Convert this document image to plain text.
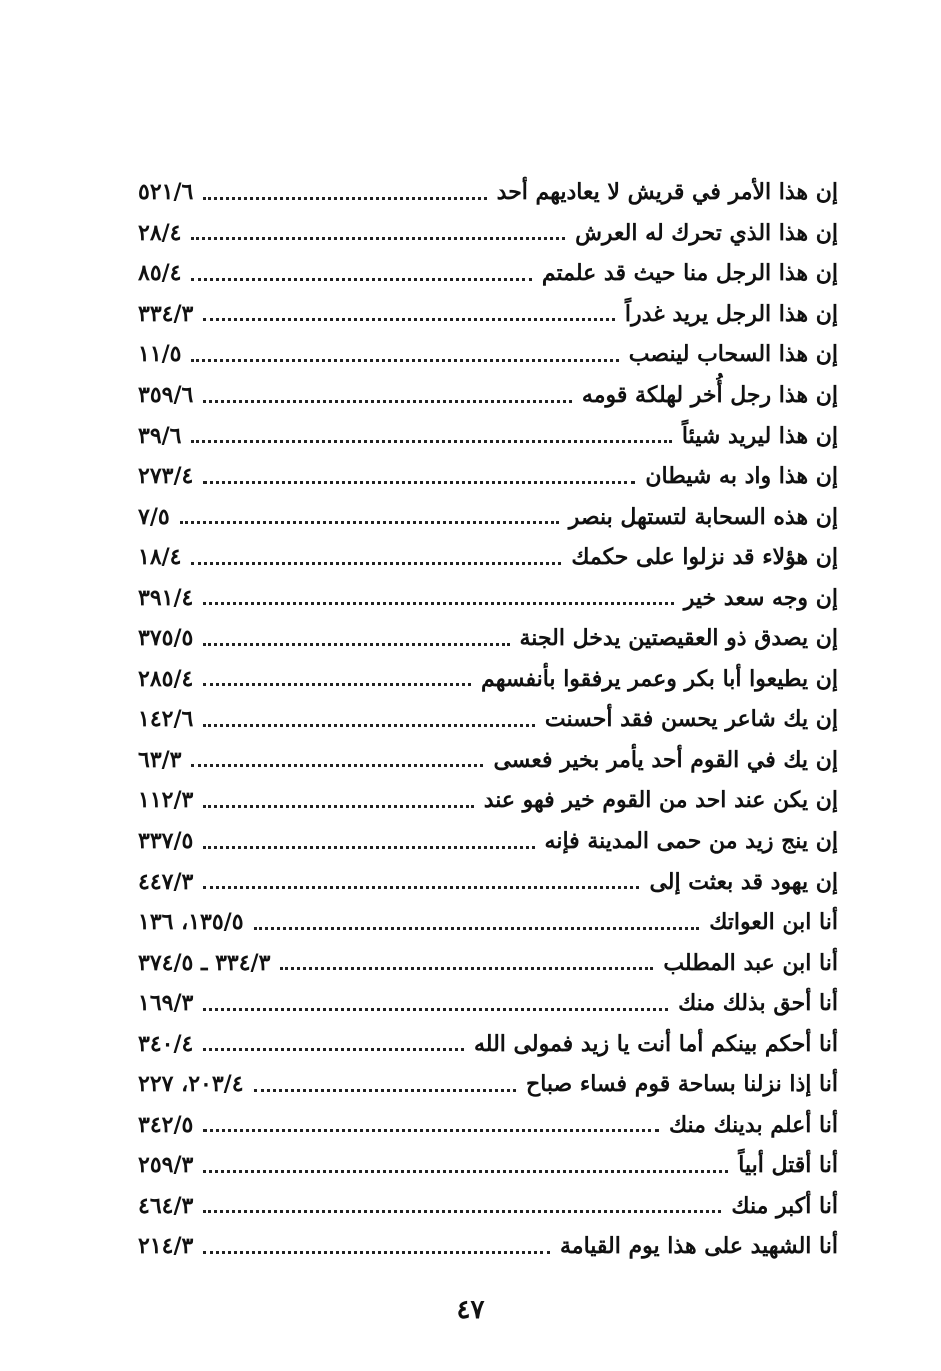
إن هذا الأمر في قريش لا يعاديهم أحد
٥٢١/٦
إن هذا الذي تحرك له العرش
٢٨/٤
إن هذا الرجل منا حيث قد علمتم
٨٥/٤
إن هذا الرجل يريد غدراً
٣٣٤/٣
إن هذا السحاب لينصب
١١/٥
إن هذا رجل أُخر لهلكة قومه
٣٥٩/٦
إن هذا ليريد شيئاً
٣٩/٦
إن هذا واد به شيطان
٢٧٣/٤
إن هذه السحابة لتستهل بنصر
٧/٥
إن هؤلاء قد نزلوا على حكمك
١٨/٤
إن وجه سعد خير
٣٩١/٤
إن يصدق ذو العقيصتين يدخل الجنة
٣٧٥/٥
إن يطيعوا أبا بكر وعمر يرفقوا بأنفسهم
٢٨٥/٤
إن يك شاعر يحسن فقد أحسنت
١٤٢/٦
إن يك في القوم أحد يأمر بخير فعسى
٦٣/٣
إن يكن عند احد من القوم خير فهو عند
١١٢/٣
إن ينج زيد من حمى المدينة فإنه
٣٣٧/٥
إن يهود قد بعثت إلى
٤٤٧/٣
أنا ابن العواتك
١٣٥/٥، ١٣٦
أنا ابن عبد المطلب
٣٣٤/٣ ـ ٣٧٤/٥
أنا أحق بذلك منك
١٦٩/٣
أنا أحكم بينكم أما أنت يا زيد فمولى الله
٣٤٠/٤
أنا إذا نزلنا بساحة قوم فساء صباح
٢٠٣/٤، ٢٢٧
أنا أعلم بدينك منك
٣٤٢/٥
أنا أقتل أبياً
٢٥٩/٣
أنا أكبر منك
٤٦٤/٣
أنا الشهيد على هذا يوم القيامة
٢١٤/٣
٤٧
